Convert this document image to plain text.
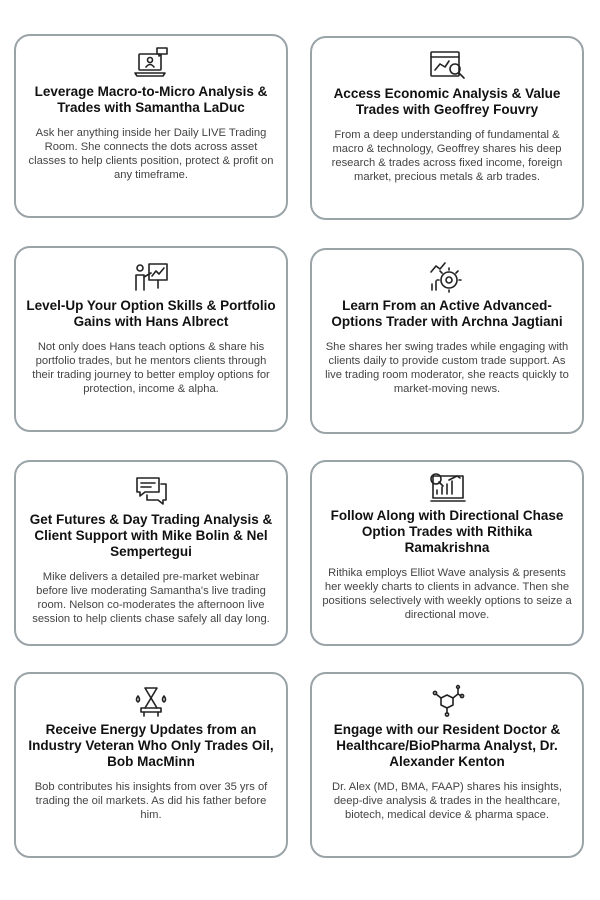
Leverage Macro-to-Micro Analysis & Trades with Samantha LaDuc

Ask her anything inside her Daily LIVE Trading Room. She connects the dots across asset classes to help clients position, protect & profit on any timeframe.

Access Economic Analysis & Value Trades with Geoffrey Fouvry

From a deep understanding of fundamental & macro & technology, Geoffrey shares his deep research & trades across fixed income, foreign market, precious metals & arb trades.

Level-Up Your Option Skills & Portfolio Gains with Hans Albrect

Not only does Hans teach options & share his portfolio trades, but he mentors clients through their trading journey to better employ options for protection, income & alpha.

Learn From an Active Advanced-Options Trader with Archna Jagtiani

She shares her swing trades while engaging with clients daily to provide custom trade support. As live trading room moderator, she reacts quickly to market-moving news.

Get Futures & Day Trading Analysis & Client Support with Mike Bolin & Nel Sempertegui

Mike delivers a detailed pre-market webinar before live moderating Samantha's live trading room. Nelson co-moderates the afternoon live session to help clients chase safely all day long.

Follow Along with Directional Chase Option Trades with Rithika Ramakrishna

Rithika employs Elliot Wave analysis & presents her weekly charts to clients in advance. Then she positions selectively with weekly options to seize a directional move.

Receive Energy Updates from an Industry Veteran Who Only Trades Oil, Bob MacMinn

Bob contributes his insights from over 35 yrs of trading the oil markets. As did his father before him.

Engage with our Resident Doctor & Healthcare/BioPharma Analyst, Dr. Alexander Kenton

Dr. Alex (MD, BMA, FAAP) shares his insights, deep-dive analysis & trades in the healthcare, biotech, medical device & pharma space.
